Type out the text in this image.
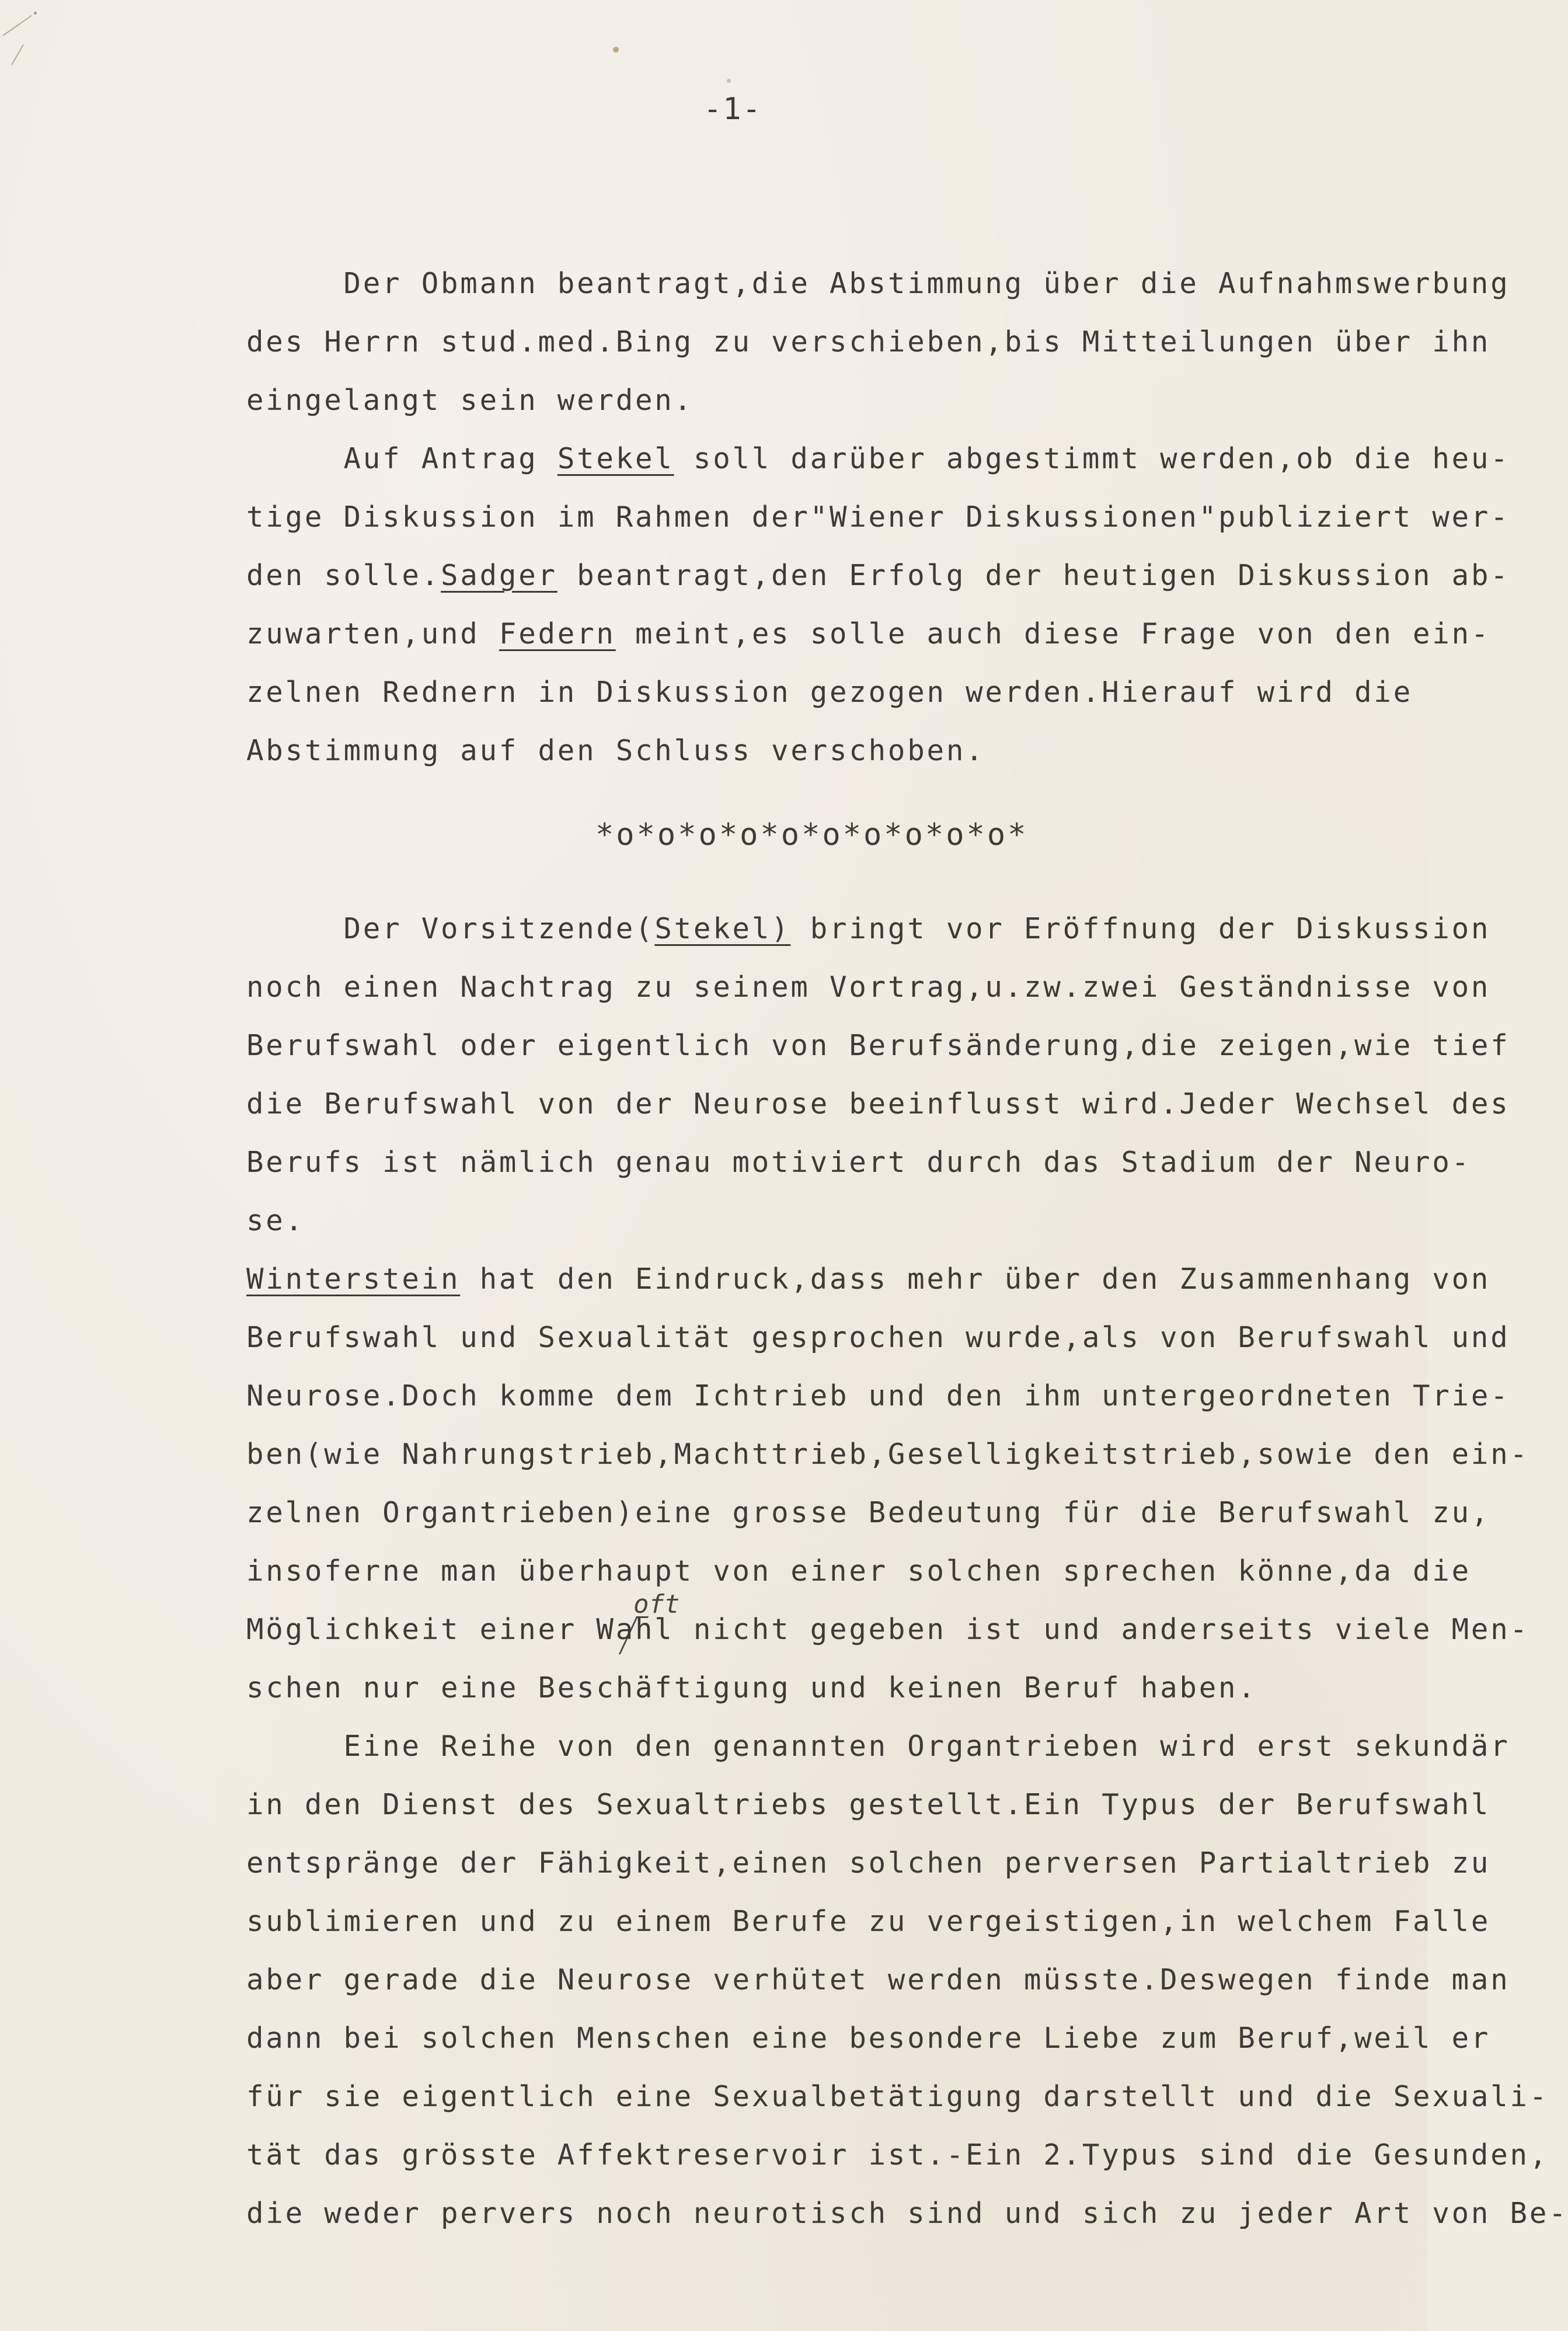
-1-
Der Obmann beantragt,die Abstimmung über die Aufnahmswerbung
des Herrn stud.med.Bing zu verschieben,bis Mitteilungen über ihn
eingelangt sein werden.
Auf Antrag Stekel soll darüber abgestimmt werden,ob die heu-
tige Diskussion im Rahmen der"Wiener Diskussionen"publiziert wer-
den solle.Sadger beantragt,den Erfolg der heutigen Diskussion ab-
zuwarten,und Federn meint,es solle auch diese Frage von den ein-
zelnen Rednern in Diskussion gezogen werden.Hierauf wird die
Abstimmung auf den Schluss verschoben.
*o*o*o*o*o*o*o*o*o*o*
Der Vorsitzende(Stekel) bringt vor Eröffnung der Diskussion
noch einen Nachtrag zu seinem Vortrag,u.zw.zwei Geständnisse von
Berufswahl oder eigentlich von Berufsänderung,die zeigen,wie tief
die Berufswahl von der Neurose beeinflusst wird.Jeder Wechsel des
Berufs ist nämlich genau motiviert durch das Stadium der Neuro-
se.
Winterstein hat den Eindruck,dass mehr über den Zusammenhang von
Berufswahl und Sexualität gesprochen wurde,als von Berufswahl und
Neurose.Doch komme dem Ichtrieb und den ihm untergeordneten Trie-
ben(wie Nahrungstrieb,Machttrieb,Geselligkeitstrieb,sowie den ein-
zelnen Organtrieben)eine grosse Bedeutung für die Berufswahl zu,
insoferne man überhaupt von einer solchen sprechen könne,da die
oft
Möglichkeit einer Wahl nicht gegeben ist und anderseits viele Men-
schen nur eine Beschäftigung und keinen Beruf haben.
Eine Reihe von den genannten Organtrieben wird erst sekundär
in den Dienst des Sexualtriebs gestellt.Ein Typus der Berufswahl
entspränge der Fähigkeit,einen solchen perversen Partialtrieb zu
sublimieren und zu einem Berufe zu vergeistigen,in welchem Falle
aber gerade die Neurose verhütet werden müsste.Deswegen finde man
dann bei solchen Menschen eine besondere Liebe zum Beruf,weil er
für sie eigentlich eine Sexualbetätigung darstellt und die Sexuali-
tät das grösste Affektreservoir ist.-Ein 2.Typus sind die Gesunden,
die weder pervers noch neurotisch sind und sich zu jeder Art von Be-
